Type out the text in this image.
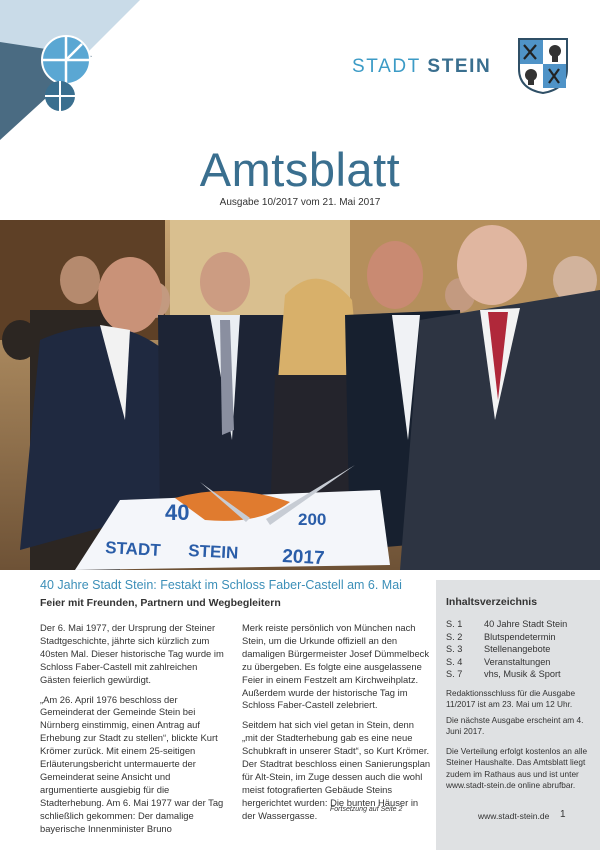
STADT STEIN
Amtsblatt
Ausgabe 10/2017 vom 21. Mai 2017
40	200
STADT STEIN 2017
40 Jahre Stadt Stein: Festakt im Schloss Faber-Castell am 6. Mai
Feier mit Freunden, Partnern und Wegbegleitern

Der 6. Mai 1977, der Ursprung der Steiner Stadtgeschichte, jährte sich kürzlich zum 40sten Mal. Dieser historische Tag wurde im Schloss Faber-Castell mit zahlreichen Gästen feierlich gewürdigt.

„Am 26. April 1976 beschloss der Gemeinderat der Gemeinde Stein bei Nürnberg einstimmig, einen Antrag auf Erhebung zur Stadt zu stellen“, blickte Kurt Krömer zurück. Mit einem 25-seitigen Erläuterungsbericht untermauerte der Gemeinderat seine Ansicht und argumentierte ausgiebig für die Stadterhebung. Am 6. Mai 1977 war der Tag schließlich gekommen: Der damalige bayerische Innenminister Bruno

Merk reiste persönlich von München nach Stein, um die Urkunde offiziell an den damaligen Bürgermeister Josef Dümmelbeck zu übergeben. Es folgte eine ausgelassene Feier in einem Festzelt am Kirchweihplatz. Außerdem wurde der historische Tag im Schloss Faber-Castell zelebriert.

Seitdem hat sich viel getan in Stein, denn „mit der Stadterhebung gab es eine neue Schubkraft in unserer Stadt“, so Kurt Krömer. Der Stadtrat beschloss einen Sanierungsplan für Alt-Stein, im Zuge dessen auch die wohl meist fotografierten Gebäude Steins hergerichtet wurden: Die bunten Häuser in der Wassergasse.

Fortsetzung auf Seite 2
Inhaltsverzeichnis
S. 1	40 Jahre Stadt Stein
S. 2	Blutspendetermin
S. 3	Stellenangebote
S. 4	Veranstaltungen
S. 7	vhs, Musik & Sport
Redaktionsschluss für die Ausgabe 11/2017 ist am 23. Mai um 12 Uhr.
Die nächste Ausgabe erscheint am 4. Juni 2017.
Die Verteilung erfolgt kostenlos an alle Steiner Haushalte. Das Amtsblatt liegt zudem im Rathaus aus und ist unter www.stadt-stein.de online abrufbar.
www.stadt-stein.de 1
